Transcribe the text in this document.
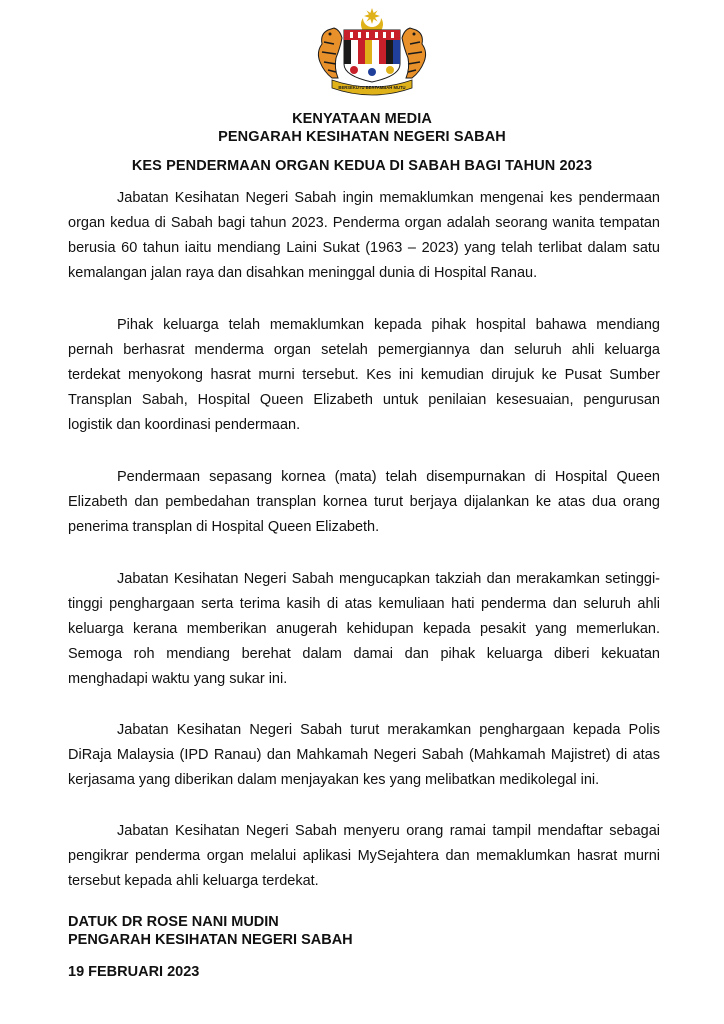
BERSEKUTU BERTAMBAH MUTU
KENYATAAN MEDIA
PENGARAH KESIHATAN NEGERI SABAH
KES PENDERMAAN ORGAN KEDUA DI SABAH BAGI TAHUN 2023

Jabatan Kesihatan Negeri Sabah ingin memaklumkan mengenai kes pendermaan organ kedua di Sabah bagi tahun 2023. Penderma organ adalah seorang wanita tempatan berusia 60 tahun iaitu mendiang Laini Sukat (1963 – 2023) yang telah terlibat dalam satu kemalangan jalan raya dan disahkan meninggal dunia di Hospital Ranau.

Pihak keluarga telah memaklumkan kepada pihak hospital bahawa mendiang pernah berhasrat menderma organ setelah pemergiannya dan seluruh ahli keluarga terdekat menyokong hasrat murni tersebut. Kes ini kemudian dirujuk ke Pusat Sumber Transplan Sabah, Hospital Queen Elizabeth untuk penilaian kesesuaian, pengurusan logistik dan koordinasi pendermaan.

Pendermaan sepasang kornea (mata) telah disempurnakan di Hospital Queen Elizabeth dan pembedahan transplan kornea turut berjaya dijalankan ke atas dua orang penerima transplan di Hospital Queen Elizabeth.

Jabatan Kesihatan Negeri Sabah mengucapkan takziah dan merakamkan setinggi-tinggi penghargaan serta terima kasih di atas kemuliaan hati penderma dan seluruh ahli keluarga kerana memberikan anugerah kehidupan kepada pesakit yang memerlukan. Semoga roh mendiang berehat dalam damai dan pihak keluarga diberi kekuatan menghadapi waktu yang sukar ini.

Jabatan Kesihatan Negeri Sabah turut merakamkan penghargaan kepada Polis DiRaja Malaysia (IPD Ranau) dan Mahkamah Negeri Sabah (Mahkamah Majistret) di atas kerjasama yang diberikan dalam menjayakan kes yang melibatkan medikolegal ini.

Jabatan Kesihatan Negeri Sabah menyeru orang ramai tampil mendaftar sebagai pengikrar penderma organ melalui aplikasi MySejahtera dan memaklumkan hasrat murni tersebut kepada ahli keluarga terdekat.

DATUK DR ROSE NANI MUDIN
PENGARAH KESIHATAN NEGERI SABAH
19 FEBRUARI 2023
